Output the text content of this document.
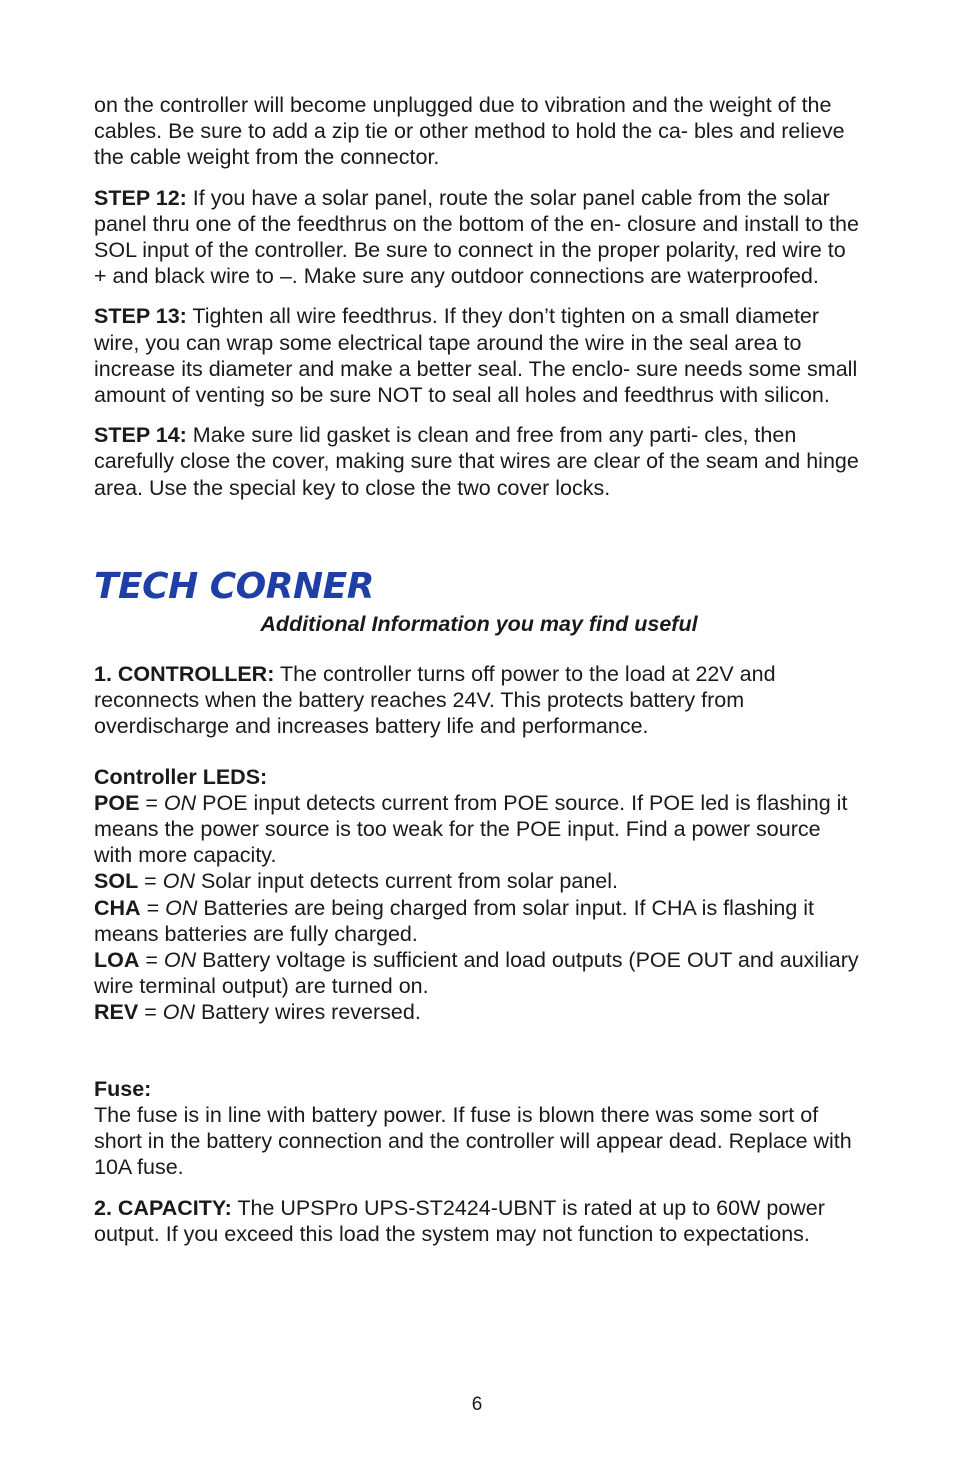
on the controller will become unplugged due to vibration and the weight of the cables. Be sure to add a zip tie or other method to hold the ca- bles and relieve the cable weight from the connector.

STEP 12: If you have a solar panel, route the solar panel cable from the solar panel thru one of the feedthrus on the bottom of the en- closure and install to the SOL input of the controller. Be sure to connect in the proper polarity, red wire to + and black wire to –. Make sure any outdoor connections are waterproofed.

STEP 13: Tighten all wire feedthrus. If they don’t tighten on a small diameter wire, you can wrap some electrical tape around the wire in the seal area to increase its diameter and make a better seal. The enclo- sure needs some small amount of venting so be sure NOT to seal all holes and feedthrus with silicon.

STEP 14: Make sure lid gasket is clean and free from any parti- cles, then carefully close the cover, making sure that wires are clear of the seam and hinge area. Use the special key to close the two cover locks.

TECH CORNER

Additional Information you may find useful

1. CONTROLLER: The controller turns off power to the load at 22V and reconnects when the battery reaches 24V. This protects battery from overdischarge and increases battery life and performance.

Controller LEDS:

POE = ON POE input detects current from POE source. If POE led is flashing it means the power source is too weak for the POE input. Find a power source with more capacity.

SOL = ON Solar input detects current from solar panel.

CHA = ON Batteries are being charged from solar input. If CHA is flashing it means batteries are fully charged.

LOA = ON Battery voltage is sufficient and load outputs (POE OUT and auxiliary wire terminal output) are turned on.

REV = ON Battery wires reversed.

Fuse:

The fuse is in line with battery power. If fuse is blown there was some sort of short in the battery connection and the controller will appear dead. Replace with 10A fuse.

2. CAPACITY: The UPSPro UPS-ST2424-UBNT is rated at up to 60W power output. If you exceed this load the system may not function to expectations.

6
